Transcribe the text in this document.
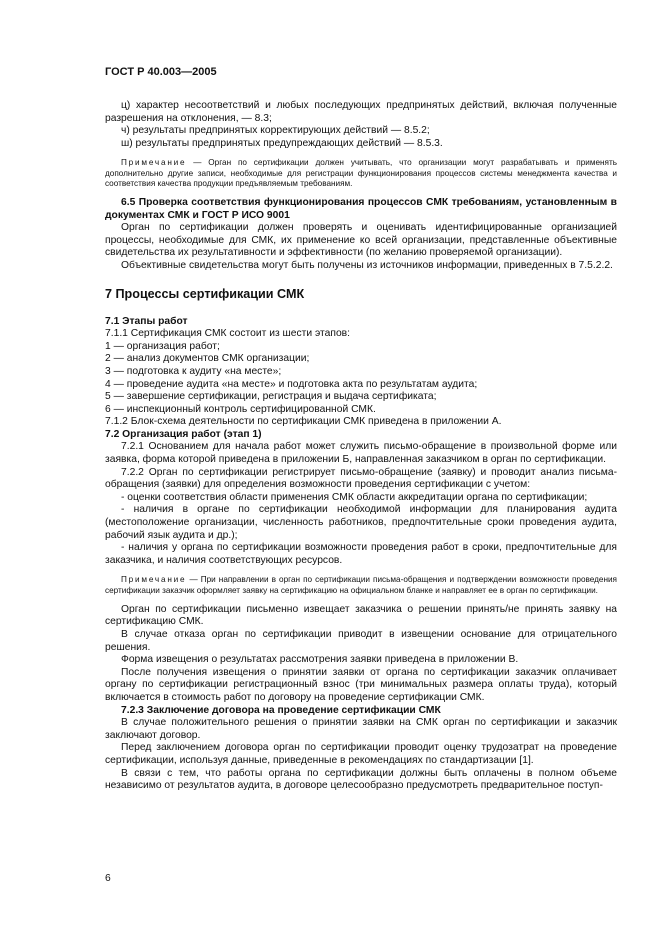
ГОСТ Р 40.003—2005

ц) характер несоответствий и любых последующих предпринятых действий, включая полученные разрешения на отклонения, — 8.3;

ч) результаты предпринятых корректирующих действий — 8.5.2;

ш) результаты предпринятых предупреждающих действий — 8.5.3.

Примечание — Орган по сертификации должен учитывать, что организации могут разрабатывать и применять дополнительно другие записи, необходимые для регистрации функционирования процессов системы менеджмента качества и соответствия качества продукции предъявляемым требованиям.

6.5 Проверка соответствия функционирования процессов СМК требованиям, установленным в документах СМК и ГОСТ Р ИСО 9001

Орган по сертификации должен проверять и оценивать идентифицированные организацией процессы, необходимые для СМК, их применение ко всей организации, представленные объективные свидетельства их результативности и эффективности (по желанию проверяемой организации).

Объективные свидетельства могут быть получены из источников информации, приведенных в 7.5.2.2.

7 Процессы сертификации СМК

7.1 Этапы работ

7.1.1 Сертификация СМК состоит из шести этапов:

1 — организация работ;

2 — анализ документов СМК организации;

3 — подготовка к аудиту «на месте»;

4 — проведение аудита «на месте» и подготовка акта по результатам аудита;

5 — завершение сертификации, регистрация и выдача сертификата;

6 — инспекционный контроль сертифицированной СМК.

7.1.2 Блок-схема деятельности по сертификации СМК приведена в приложении А.

7.2 Организация работ (этап 1)

7.2.1 Основанием для начала работ может служить письмо-обращение в произвольной форме или заявка, форма которой приведена в приложении Б, направленная заказчиком в орган по сертификации.

7.2.2 Орган по сертификации регистрирует письмо-обращение (заявку) и проводит анализ письма-обращения (заявки) для определения возможности проведения сертификации с учетом:

- оценки соответствия области применения СМК области аккредитации органа по сертификации;

- наличия в органе по сертификации необходимой информации для планирования аудита (местоположение организации, численность работников, предпочтительные сроки проведения аудита, рабочий язык аудита и др.);

- наличия у органа по сертификации возможности проведения работ в сроки, предпочтительные для заказчика, и наличия соответствующих ресурсов.

Примечание — При направлении в орган по сертификации письма-обращения и подтверждении возможности проведения сертификации заказчик оформляет заявку на сертификацию на официальном бланке и направляет ее в орган по сертификации.

Орган по сертификации письменно извещает заказчика о решении принять/не принять заявку на сертификацию СМК.

В случае отказа орган по сертификации приводит в извещении основание для отрицательного решения.

Форма извещения о результатах рассмотрения заявки приведена в приложении В.

После получения извещения о принятии заявки от органа по сертификации заказчик оплачивает органу по сертификации регистрационный взнос (три минимальных размера оплаты труда), который включается в стоимость работ по договору на проведение сертификации СМК.

7.2.3 Заключение договора на проведение сертификации СМК

В случае положительного решения о принятии заявки на СМК орган по сертификации и заказчик заключают договор.

Перед заключением договора орган по сертификации проводит оценку трудозатрат на проведение сертификации, используя данные, приведенные в рекомендациях по стандартизации [1].

В связи с тем, что работы органа по сертификации должны быть оплачены в полном объеме независимо от результатов аудита, в договоре целесообразно предусмотреть предварительное поступ-

6
